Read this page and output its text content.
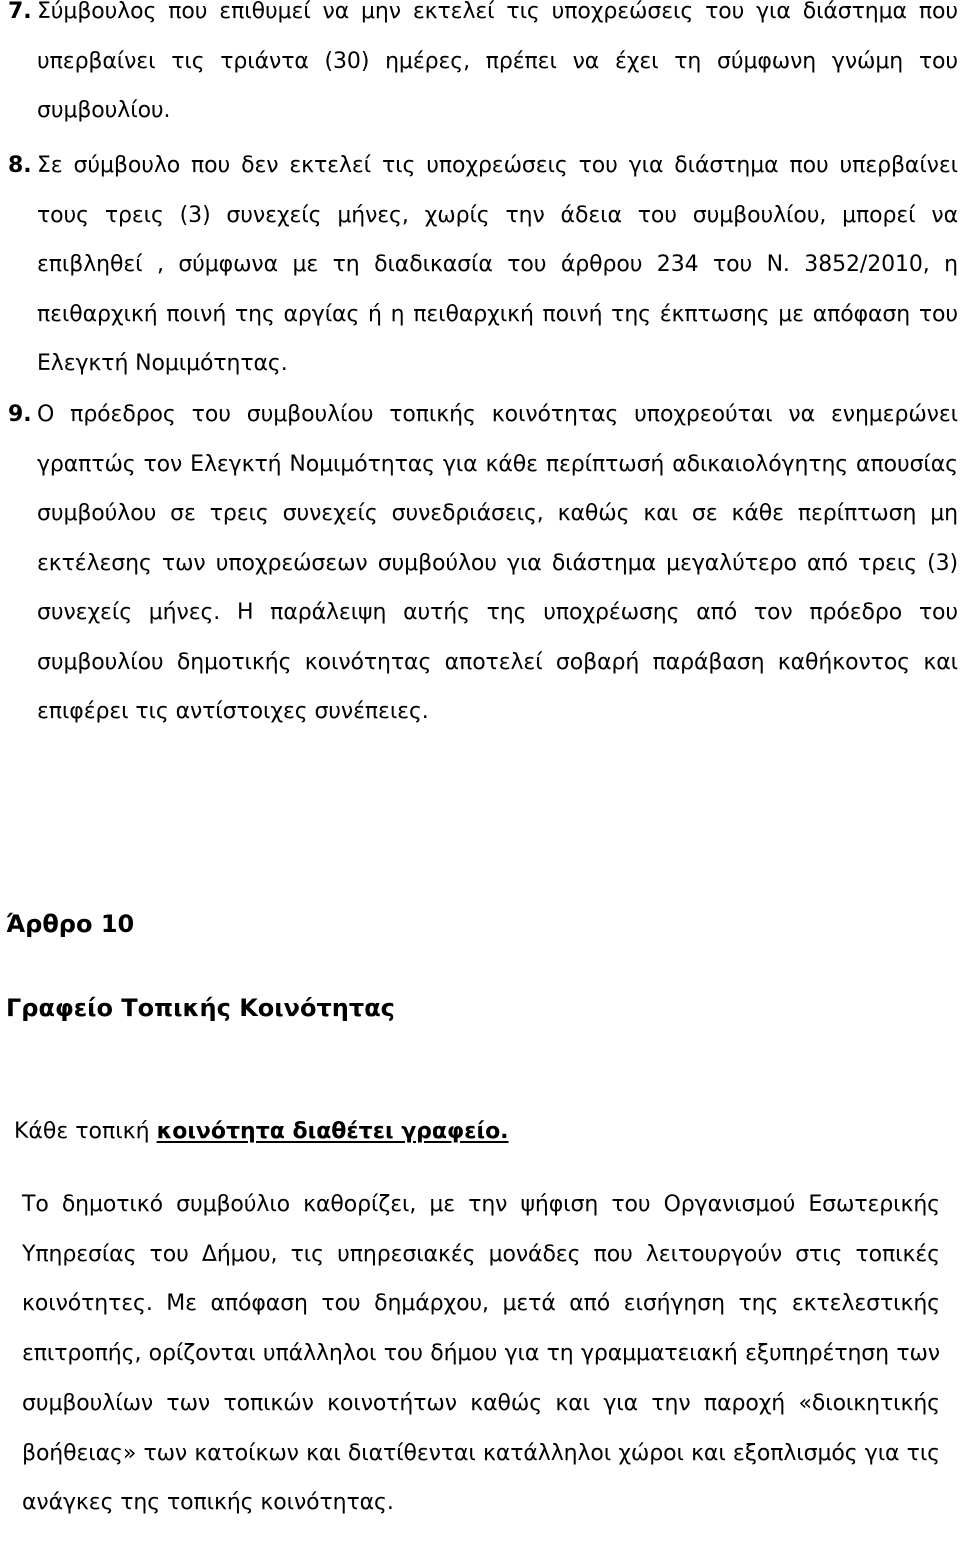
7. Σύμβουλος που επιθυμεί να μην εκτελεί τις υποχρεώσεις του για διάστημα που υπερβαίνει τις τριάντα (30) ημέρες, πρέπει να έχει τη σύμφωνη γνώμη του συμβουλίου.
8. Σε σύμβουλο που δεν εκτελεί τις υποχρεώσεις του για διάστημα που υπερβαίνει τους τρεις (3) συνεχείς μήνες, χωρίς την άδεια του συμβουλίου, μπορεί να επιβληθεί , σύμφωνα με τη διαδικασία του άρθρου 234 του Ν. 3852/2010, η πειθαρχική ποινή της αργίας ή η πειθαρχική ποινή της έκπτωσης με απόφαση του Ελεγκτή Νομιμότητας.
9. Ο πρόεδρος του συμβουλίου τοπικής κοινότητας υποχρεούται να ενημερώνει γραπτώς τον Ελεγκτή Νομιμότητας για κάθε περίπτωσή αδικαιολόγητης απουσίας συμβούλου σε τρεις συνεχείς συνεδριάσεις, καθώς και σε κάθε περίπτωση μη εκτέλεσης των υποχρεώσεων συμβούλου για διάστημα μεγαλύτερο από τρεις (3) συνεχείς μήνες. Η παράλειψη αυτής της υποχρέωσης από τον πρόεδρο του συμβουλίου δημοτικής κοινότητας αποτελεί σοβαρή παράβαση καθήκοντος και επιφέρει τις αντίστοιχες συνέπειες.
Άρθρο 10
Γραφείο Τοπικής Κοινότητας
Κάθε τοπική κοινότητα διαθέτει γραφείο.
Το δημοτικό συμβούλιο καθορίζει, με την ψήφιση του Οργανισμού Εσωτερικής Υπηρεσίας του Δήμου, τις υπηρεσιακές μονάδες που λειτουργούν στις τοπικές κοινότητες. Με απόφαση του δημάρχου, μετά από εισήγηση της εκτελεστικής επιτροπής, ορίζονται υπάλληλοι του δήμου για τη γραμματειακή εξυπηρέτηση των συμβουλίων των τοπικών κοινοτήτων καθώς και για την παροχή «διοικητικής βοήθειας» των κατοίκων και διατίθενται κατάλληλοι χώροι και εξοπλισμός για τις ανάγκες της τοπικής κοινότητας.
